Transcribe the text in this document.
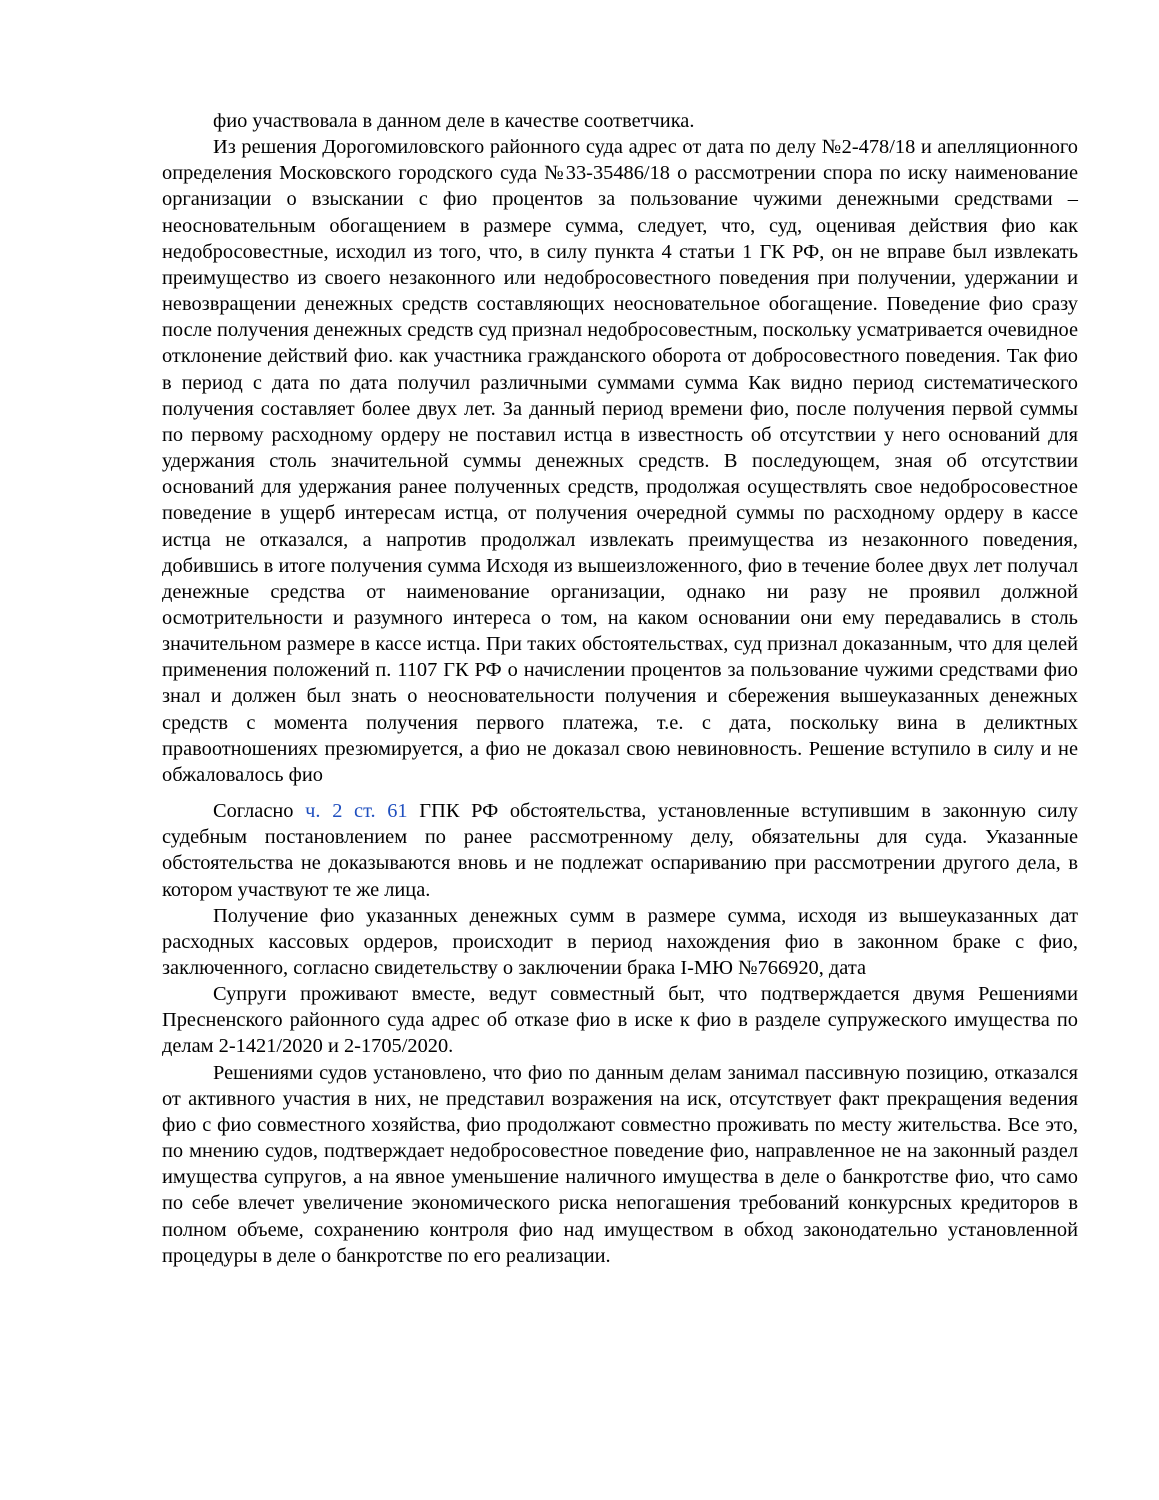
фио участвовала в данном деле в качестве соответчика.

Из решения Дорогомиловского районного суда адрес от дата по делу №2-478/18 и апелляционного определения Московского городского суда №33-35486/18 о рассмотрении спора по иску наименование организации о взыскании с фио процентов за пользование чужими денежными средствами – неосновательным обогащением в размере сумма, следует, что, суд, оценивая действия фио как недобросовестные, исходил из того, что, в силу пункта 4 статьи 1 ГК РФ, он не вправе был извлекать преимущество из своего незаконного или недобросовестного поведения при получении, удержании и невозвращении денежных средств составляющих неосновательное обогащение. Поведение фио сразу после получения денежных средств суд признал недобросовестным, поскольку усматривается очевидное отклонение действий фио. как участника гражданского оборота от добросовестного поведения. Так фио в период с дата по дата получил различными суммами сумма Как видно период систематического получения составляет более двух лет. За данный период времени фио, после получения первой суммы по первому расходному ордеру не поставил истца в известность об отсутствии у него оснований для удержания столь значительной суммы денежных средств. В последующем, зная об отсутствии оснований для удержания ранее полученных средств, продолжая осуществлять свое недобросовестное поведение в ущерб интересам истца, от получения очередной суммы по расходному ордеру в кассе истца не отказался, а напротив продолжал извлекать преимущества из незаконного поведения, добившись в итоге получения сумма Исходя из вышеизложенного, фио в течение более двух лет получал денежные средства от наименование организации, однако ни разу не проявил должной осмотрительности и разумного интереса о том, на каком основании они ему передавались в столь значительном размере в кассе истца. При таких обстоятельствах, суд признал доказанным, что для целей применения положений п. 1107 ГК РФ о начислении процентов за пользование чужими средствами фио знал и должен был знать о неосновательности получения и сбережения вышеуказанных денежных средств с момента получения первого платежа, т.е. с дата, поскольку вина в деликтных правоотношениях презюмируется, а фио не доказал свою невиновность. Решение вступило в силу и не обжаловалось фио

Согласно ч. 2 ст. 61 ГПК РФ обстоятельства, установленные вступившим в законную силу судебным постановлением по ранее рассмотренному делу, обязательны для суда. Указанные обстоятельства не доказываются вновь и не подлежат оспариванию при рассмотрении другого дела, в котором участвуют те же лица.

Получение фио указанных денежных сумм в размере сумма, исходя из вышеуказанных дат расходных кассовых ордеров, происходит в период нахождения фио в законном браке с фио, заключенного, согласно свидетельству о заключении брака I-МЮ №766920, дата

Супруги проживают вместе, ведут совместный быт, что подтверждается двумя Решениями Пресненского районного суда адрес об отказе фио в иске к фио в разделе супружеского имущества по делам 2-1421/2020 и 2-1705/2020.

Решениями судов установлено, что фио по данным делам занимал пассивную позицию, отказался от активного участия в них, не представил возражения на иск, отсутствует факт прекращения ведения фио с фио совместного хозяйства, фио продолжают совместно проживать по месту жительства. Все это, по мнению судов, подтверждает недобросовестное поведение фио, направленное не на законный раздел имущества супругов, а на явное уменьшение наличного имущества в деле о банкротстве фио, что само по себе влечет увеличение экономического риска непогашения требований конкурсных кредиторов в полном объеме, сохранению контроля фио над имуществом в обход законодательно установленной процедуры в деле о банкротстве по его реализации.
